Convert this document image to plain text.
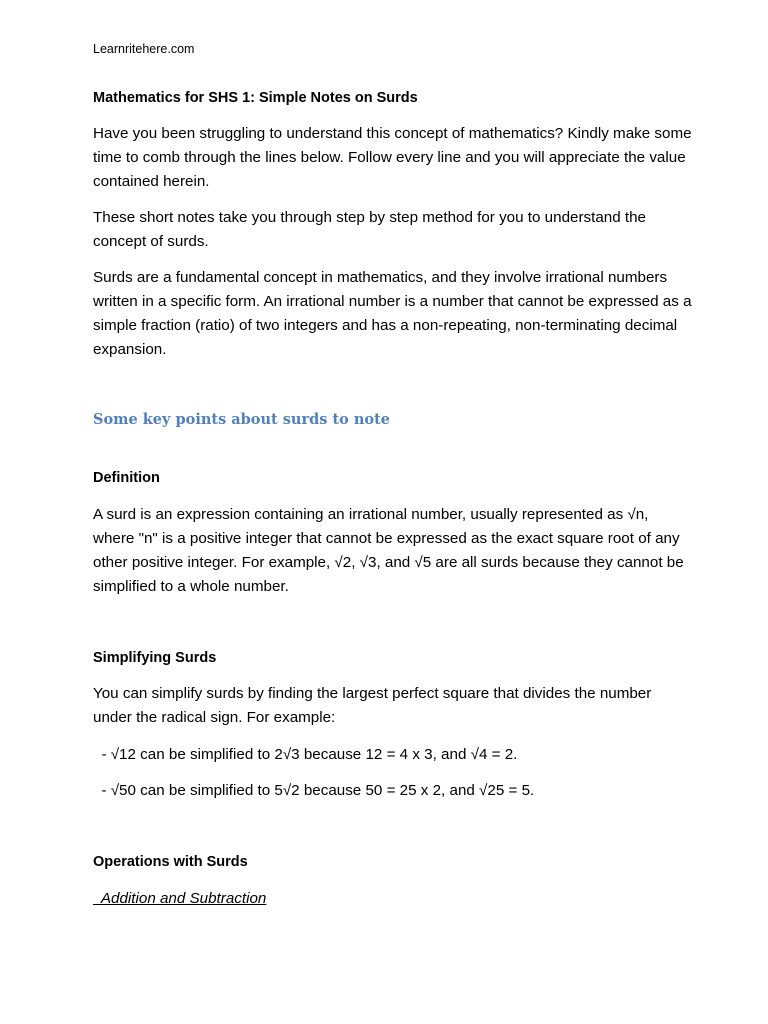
Learnritehere.com
Mathematics for SHS 1: Simple Notes on Surds

Have you been struggling to understand this concept of mathematics? Kindly make some time to comb through the lines below. Follow every line and you will appreciate the value contained herein.

These short notes take you through step by step method for you to understand the concept of surds.

Surds are a fundamental concept in mathematics, and they involve irrational numbers written in a specific form. An irrational number is a number that cannot be expressed as a simple fraction (ratio) of two integers and has a non-repeating, non-terminating decimal expansion.

Some key points about surds to note
Definition

A surd is an expression containing an irrational number, usually represented as √n, where "n" is a positive integer that cannot be expressed as the exact square root of any other positive integer. For example, √2, √3, and √5 are all surds because they cannot be simplified to a whole number.

Simplifying Surds

You can simplify surds by finding the largest perfect square that divides the number under the radical sign. For example:

- √12 can be simplified to 2√3 because 12 = 4 x 3, and √4 = 2.

- √50 can be simplified to 5√2 because 50 = 25 x 2, and √25 = 5.

Operations with Surds
Addition and Subtraction
